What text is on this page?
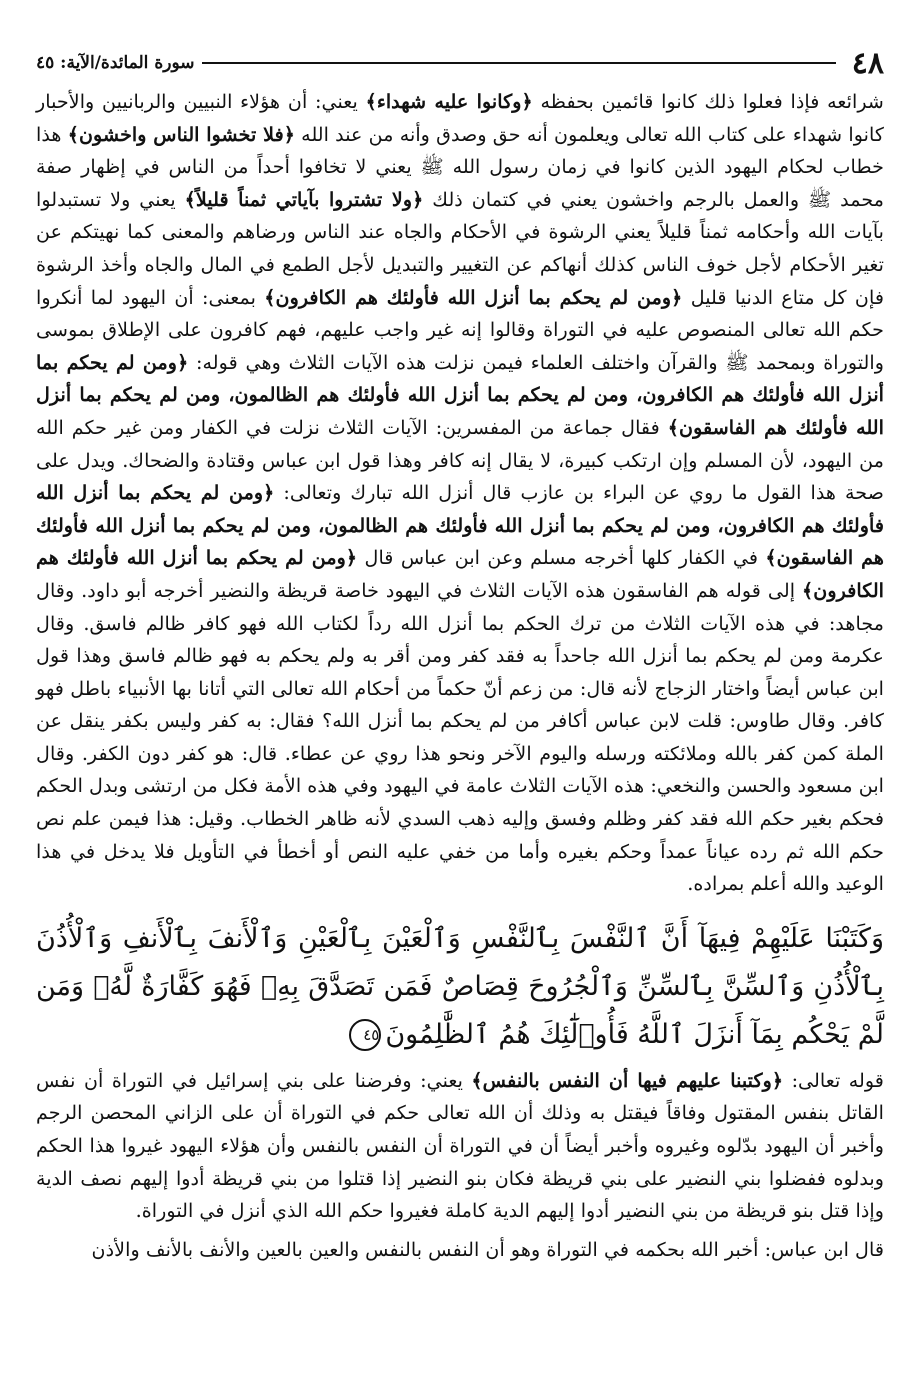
٤٨
سورة المائدة/الآية: ٤٥

شرائعه فإذا فعلوا ذلك كانوا قائمين بحفظه ﴿وكانوا عليه شهداء﴾ يعني: أن هؤلاء النبيين والربانيين والأحبار كانوا شهداء على كتاب الله تعالى ويعلمون أنه حق وصدق وأنه من عند الله ﴿فلا تخشوا الناس واخشون﴾ هذا خطاب لحكام اليهود الذين كانوا في زمان رسول الله ﷺ يعني لا تخافوا أحداً من الناس في إظهار صفة محمد ﷺ والعمل بالرجم واخشون يعني في كتمان ذلك ﴿ولا تشتروا بآياتي ثمناً قليلاً﴾ يعني ولا تستبدلوا بآيات الله وأحكامه ثمناً قليلاً يعني الرشوة في الأحكام والجاه عند الناس ورضاهم والمعنى كما نهيتكم عن تغير الأحكام لأجل خوف الناس كذلك أنهاكم عن التغيير والتبديل لأجل الطمع في المال والجاه وأخذ الرشوة فإن كل متاع الدنيا قليل ﴿ومن لم يحكم بما أنزل الله فأولئك هم الكافرون﴾ بمعنى: أن اليهود لما أنكروا حكم الله تعالى المنصوص عليه في التوراة وقالوا إنه غير واجب عليهم، فهم كافرون على الإطلاق بموسى والتوراة وبمحمد ﷺ والقرآن واختلف العلماء فيمن نزلت هذه الآيات الثلاث وهي قوله: ﴿ومن لم يحكم بما أنزل الله فأولئك هم الكافرون، ومن لم يحكم بما أنزل الله فأولئك هم الظالمون، ومن لم يحكم بما أنزل الله فأولئك هم الفاسقون﴾ فقال جماعة من المفسرين: الآيات الثلاث نزلت في الكفار ومن غير حكم الله من اليهود، لأن المسلم وإن ارتكب كبيرة، لا يقال إنه كافر وهذا قول ابن عباس وقتادة والضحاك. ويدل على صحة هذا القول ما روي عن البراء بن عازب قال أنزل الله تبارك وتعالى: ﴿ومن لم يحكم بما أنزل الله فأولئك هم الكافرون، ومن لم يحكم بما أنزل الله فأولئك هم الظالمون، ومن لم يحكم بما أنزل الله فأولئك هم الفاسقون﴾ في الكفار كلها أخرجه مسلم وعن ابن عباس قال ﴿ومن لم يحكم بما أنزل الله فأولئك هم الكافرون﴾ إلى قوله هم الفاسقون هذه الآيات الثلاث في اليهود خاصة قريظة والنضير أخرجه أبو داود. وقال مجاهد: في هذه الآيات الثلاث من ترك الحكم بما أنزل الله رداً لكتاب الله فهو كافر ظالم فاسق. وقال عكرمة ومن لم يحكم بما أنزل الله جاحداً به فقد كفر ومن أقر به ولم يحكم به فهو ظالم فاسق وهذا قول ابن عباس أيضاً واختار الزجاج لأنه قال: من زعم أنّ حكماً من أحكام الله تعالى التي أتانا بها الأنبياء باطل فهو كافر. وقال طاوس: قلت لابن عباس أكافر من لم يحكم بما أنزل الله؟ فقال: به كفر وليس بكفر ينقل عن الملة كمن كفر بالله وملائكته ورسله واليوم الآخر ونحو هذا روي عن عطاء. قال: هو كفر دون الكفر. وقال ابن مسعود والحسن والنخعي: هذه الآيات الثلاث عامة في اليهود وفي هذه الأمة فكل من ارتشى وبدل الحكم فحكم بغير حكم الله فقد كفر وظلم وفسق وإليه ذهب السدي لأنه ظاهر الخطاب. وقيل: هذا فيمن علم نص حكم الله ثم رده عياناً عمداً وحكم بغيره وأما من خفي عليه النص أو أخطأ في التأويل فلا يدخل في هذا الوعيد والله أعلم بمراده.

وَكَتَبْنَا عَلَيْهِمْ فِيهَآ أَنَّ ٱلنَّفْسَ بِٱلنَّفْسِ وَٱلْعَيْنَ بِٱلْعَيْنِ وَٱلْأَنفَ بِٱلْأَنفِ وَٱلْأُذُنَ بِٱلْأُذُنِ وَٱلسِّنَّ بِٱلسِّنِّ وَٱلْجُرُوحَ قِصَاصٌ فَمَن تَصَدَّقَ بِهِۦ فَهُوَ كَفَّارَةٌ لَّهُۥ وَمَن لَّمْ يَحْكُم بِمَآ أَنزَلَ ٱللَّهُ فَأُو۟لَٰٓئِكَ هُمُ ٱلظَّٰلِمُونَ٤٥

قوله تعالى: ﴿وكتبنا عليهم فيها أن النفس بالنفس﴾ يعني: وفرضنا على بني إسرائيل في التوراة أن نفس القاتل بنفس المقتول وفاقاً فيقتل به وذلك أن الله تعالى حكم في التوراة أن على الزاني المحصن الرجم وأخبر أن اليهود بدّلوه وغيروه وأخبر أيضاً أن في التوراة أن النفس بالنفس وأن هؤلاء اليهود غيروا هذا الحكم وبدلوه ففضلوا بني النضير على بني قريظة فكان بنو النضير إذا قتلوا من بني قريظة أدوا إليهم نصف الدية وإذا قتل بنو قريظة من بني النضير أدوا إليهم الدية كاملة فغيروا حكم الله الذي أنزل في التوراة.

قال ابن عباس: أخبر الله بحكمه في التوراة وهو أن النفس بالنفس والعين بالعين والأنف بالأنف والأذن
